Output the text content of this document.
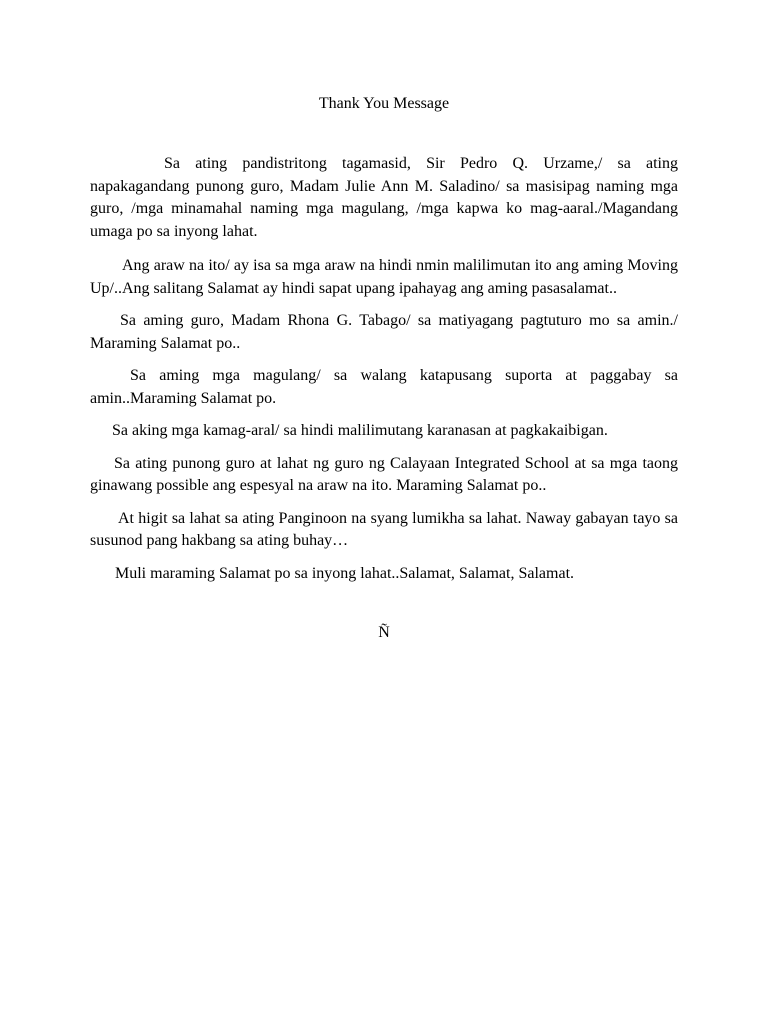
Thank You Message

Sa ating pandistritong tagamasid, Sir Pedro Q. Urzame,/ sa ating napakagandang punong guro, Madam Julie Ann M. Saladino/ sa masisipag naming mga guro, /mga minamahal naming mga magulang, /mga kapwa ko mag-aaral./Magandang umaga po sa inyong lahat.

Ang araw na ito/ ay isa sa mga araw na hindi nmin malilimutan ito ang aming Moving Up/..Ang salitang Salamat ay hindi sapat upang ipahayag ang aming pasasalamat..

Sa aming guro, Madam Rhona G. Tabago/ sa matiyagang pagtuturo mo sa amin./ Maraming Salamat po..

Sa aming mga magulang/ sa walang katapusang suporta at paggabay sa amin..Maraming Salamat po.

Sa aking mga kamag-aral/ sa hindi malilimutang karanasan at pagkakaibigan.

Sa ating punong guro at lahat ng guro ng Calayaan Integrated School at sa mga taong ginawang possible ang espesyal na araw na ito. Maraming Salamat po..

At higit sa lahat sa ating Panginoon na syang lumikha sa lahat. Naway gabayan tayo sa susunod pang hakbang sa ating buhay…

Muli maraming Salamat po sa inyong lahat..Salamat, Salamat, Salamat.

Ñ
